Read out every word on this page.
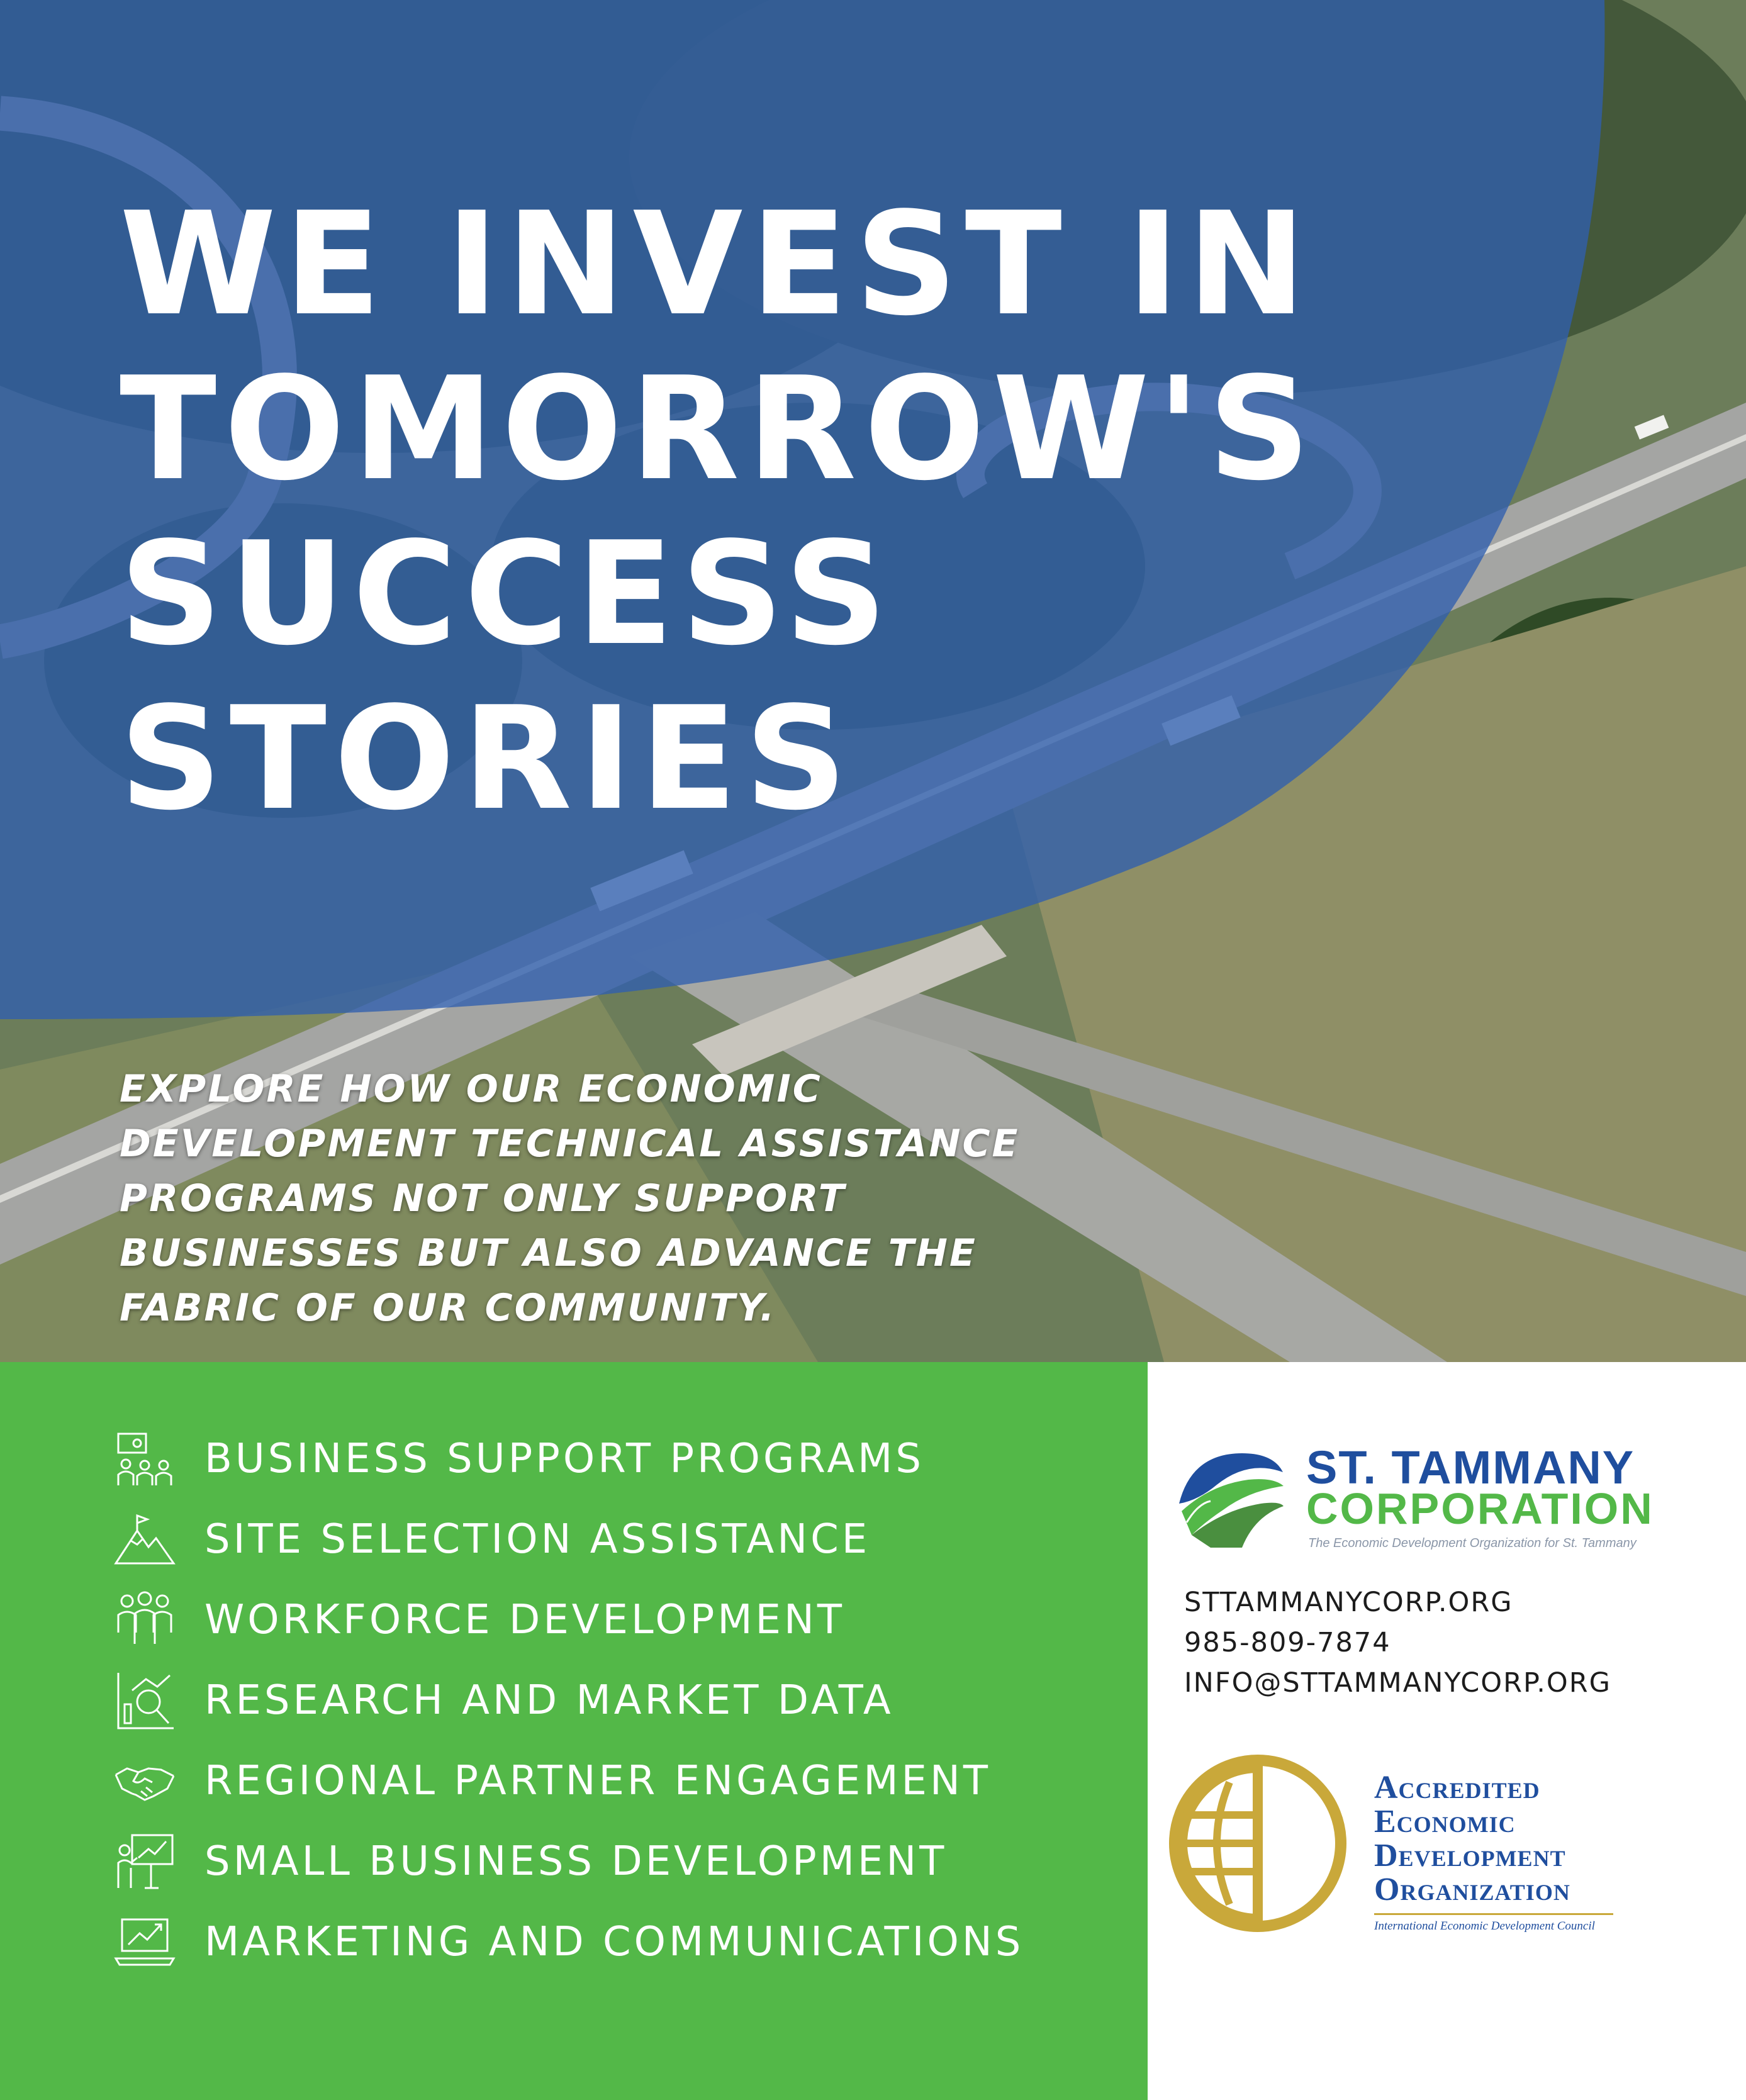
WE INVEST IN
TOMORROW'S
SUCCESS
STORIES

EXPLORE HOW OUR ECONOMIC
DEVELOPMENT TECHNICAL ASSISTANCE
PROGRAMS NOT ONLY SUPPORT
BUSINESSES BUT ALSO ADVANCE THE
FABRIC OF OUR COMMUNITY.

BUSINESS SUPPORT PROGRAMS
SITE SELECTION ASSISTANCE
WORKFORCE DEVELOPMENT
RESEARCH AND MARKET DATA
REGIONAL PARTNER ENGAGEMENT
SMALL BUSINESS DEVELOPMENT
MARKETING AND COMMUNICATIONS
ST. TAMMANY
CORPORATION
The Economic Development Organization for St. Tammany
STTAMMANYCORP.ORG
985-809-7874
INFO@STTAMMANYCORP.ORG
Accredited
Economic
Development
Organization
International Economic Development Council
